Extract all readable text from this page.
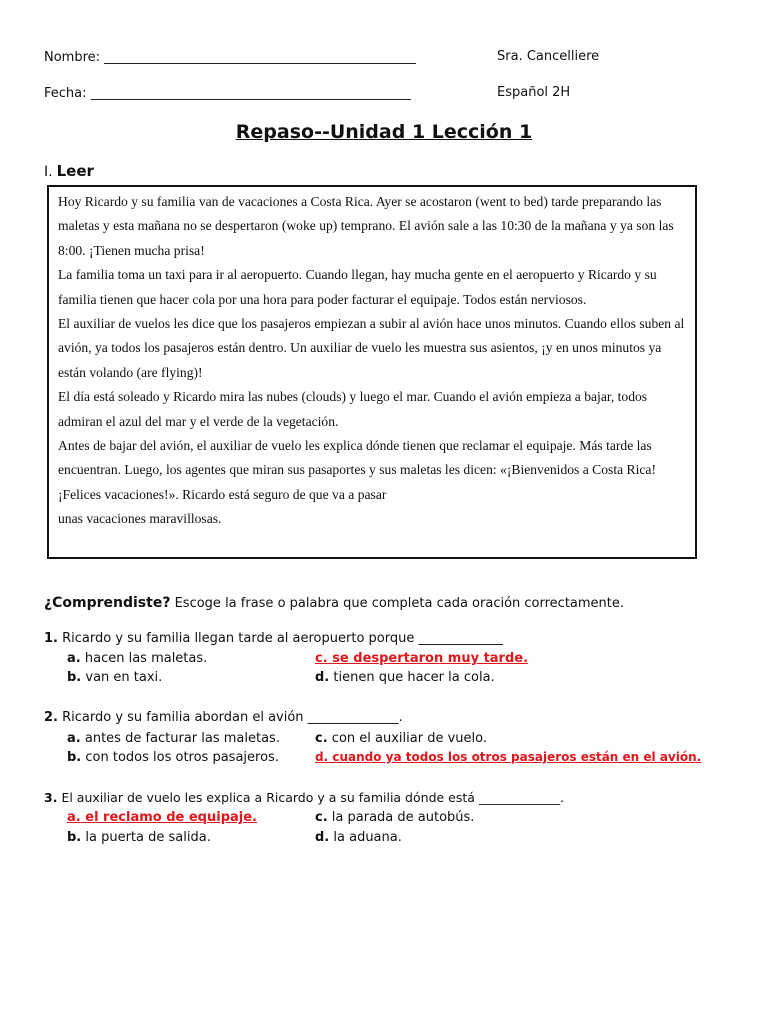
Nombre:	Sra. Cancelliere
Fecha:	Español 2H
Repaso--Unidad 1 Lección 1
I. Leer

Hoy Ricardo y su familia van de vacaciones a Costa Rica. Ayer se acostaron (went to bed) tarde preparando las maletas y esta mañana no se despertaron (woke up) temprano. El avión sale a las 10:30 de la mañana y ya son las 8:00. ¡Tienen mucha prisa!

La familia toma un taxi para ir al aeropuerto. Cuando llegan, hay mucha gente en el aeropuerto y Ricardo y su familia tienen que hacer cola por una hora para poder facturar el equipaje. Todos están nerviosos.

El auxiliar de vuelos les dice que los pasajeros empiezan a subir al avión hace unos minutos. Cuando ellos suben al avión, ya todos los pasajeros están dentro. Un auxiliar de vuelo les muestra sus asientos, ¡y en unos minutos ya están volando (are flying)!

El día está soleado y Ricardo mira las nubes (clouds) y luego el mar. Cuando el avión empieza a bajar, todos admiran el azul del mar y el verde de la vegetación.

Antes de bajar del avión, el auxiliar de vuelo les explica dónde tienen que reclamar el equipaje. Más tarde las encuentran. Luego, los agentes que miran sus pasaportes y sus maletas les dicen: «¡Bienvenidos a Costa Rica! ¡Felices vacaciones!». Ricardo está seguro de que va a pasar

unas vacaciones maravillosas.

¿Comprendiste? Escoge la frase o palabra que completa cada oración correctamente.
1. Ricardo y su familia llegan tarde al aeropuerto porque _____________
a. hacen las maletas.	c. se despertaron muy tarde.
b. van en taxi.	d. tienen que hacer la cola.
2. Ricardo y su familia abordan el avión ______________.
a. antes de facturar las maletas.	c. con el auxiliar de vuelo.
b. con todos los otros pasajeros.	d. cuando ya todos los otros pasajeros están en el avión.
3. El auxiliar de vuelo les explica a Ricardo y a su familia dónde está _____________.
a. el reclamo de equipaje.	c. la parada de autobús.
b. la puerta de salida.	d. la aduana.
